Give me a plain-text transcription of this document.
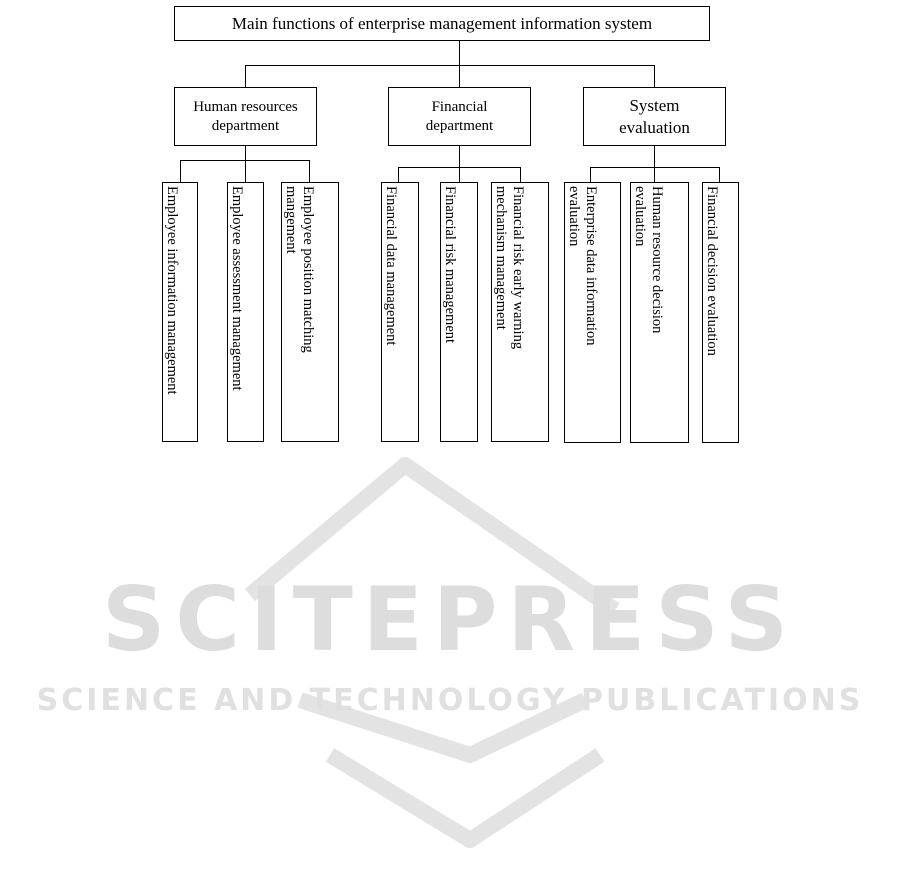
SCITEPRESS
SCIENCE AND TECHNOLOGY PUBLICATIONS
Main functions of enterprise management information system
Human resources
department
Financial
department
System
evaluation
Employee information management	Employee assessment management	Employee position matching
mangement	Financial data management	Financial risk management	Financial risk early warning
mechanism management
Enterprise data information
evaluation	Human resource decision
evaluation	Financial decision evaluation
